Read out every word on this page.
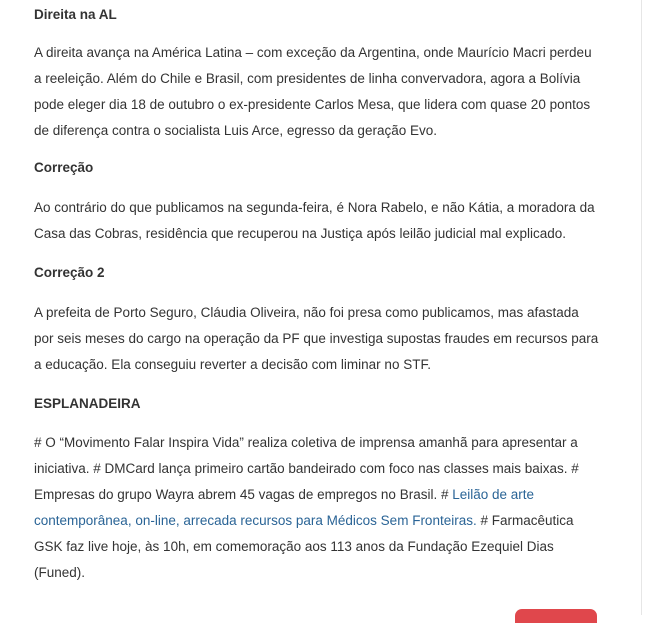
Direita na AL

A direita avança na América Latina – com exceção da Argentina, onde Maurício Macri perdeu
a reeleição. Além do Chile e Brasil, com presidentes de linha convervadora, agora a Bolívia
pode eleger dia 18 de outubro o ex-presidente Carlos Mesa, que lidera com quase 20 pontos
de diferença contra o socialista Luis Arce, egresso da geração Evo.

Correção

Ao contrário do que publicamos na segunda-feira, é Nora Rabelo, e não Kátia, a moradora da
Casa das Cobras, residência que recuperou na Justiça após leilão judicial mal explicado.

Correção 2

A prefeita de Porto Seguro, Cláudia Oliveira, não foi presa como publicamos, mas afastada
por seis meses do cargo na operação da PF que investiga supostas fraudes em recursos para
a educação. Ela conseguiu reverter a decisão com liminar no STF.

ESPLANADEIRA

# O “Movimento Falar Inspira Vida” realiza coletiva de imprensa amanhã para apresentar a
iniciativa. # DMCard lança primeiro cartão bandeirado com foco nas classes mais baixas. #
Empresas do grupo Wayra abrem 45 vagas de empregos no Brasil. # Leilão de arte
contemporânea, on-line, arrecada recursos para Médicos Sem Fronteiras. # Farmacêutica
GSK faz live hoje, às 10h, em comemoração aos 113 anos da Fundação Ezequiel Dias
(Funed).
